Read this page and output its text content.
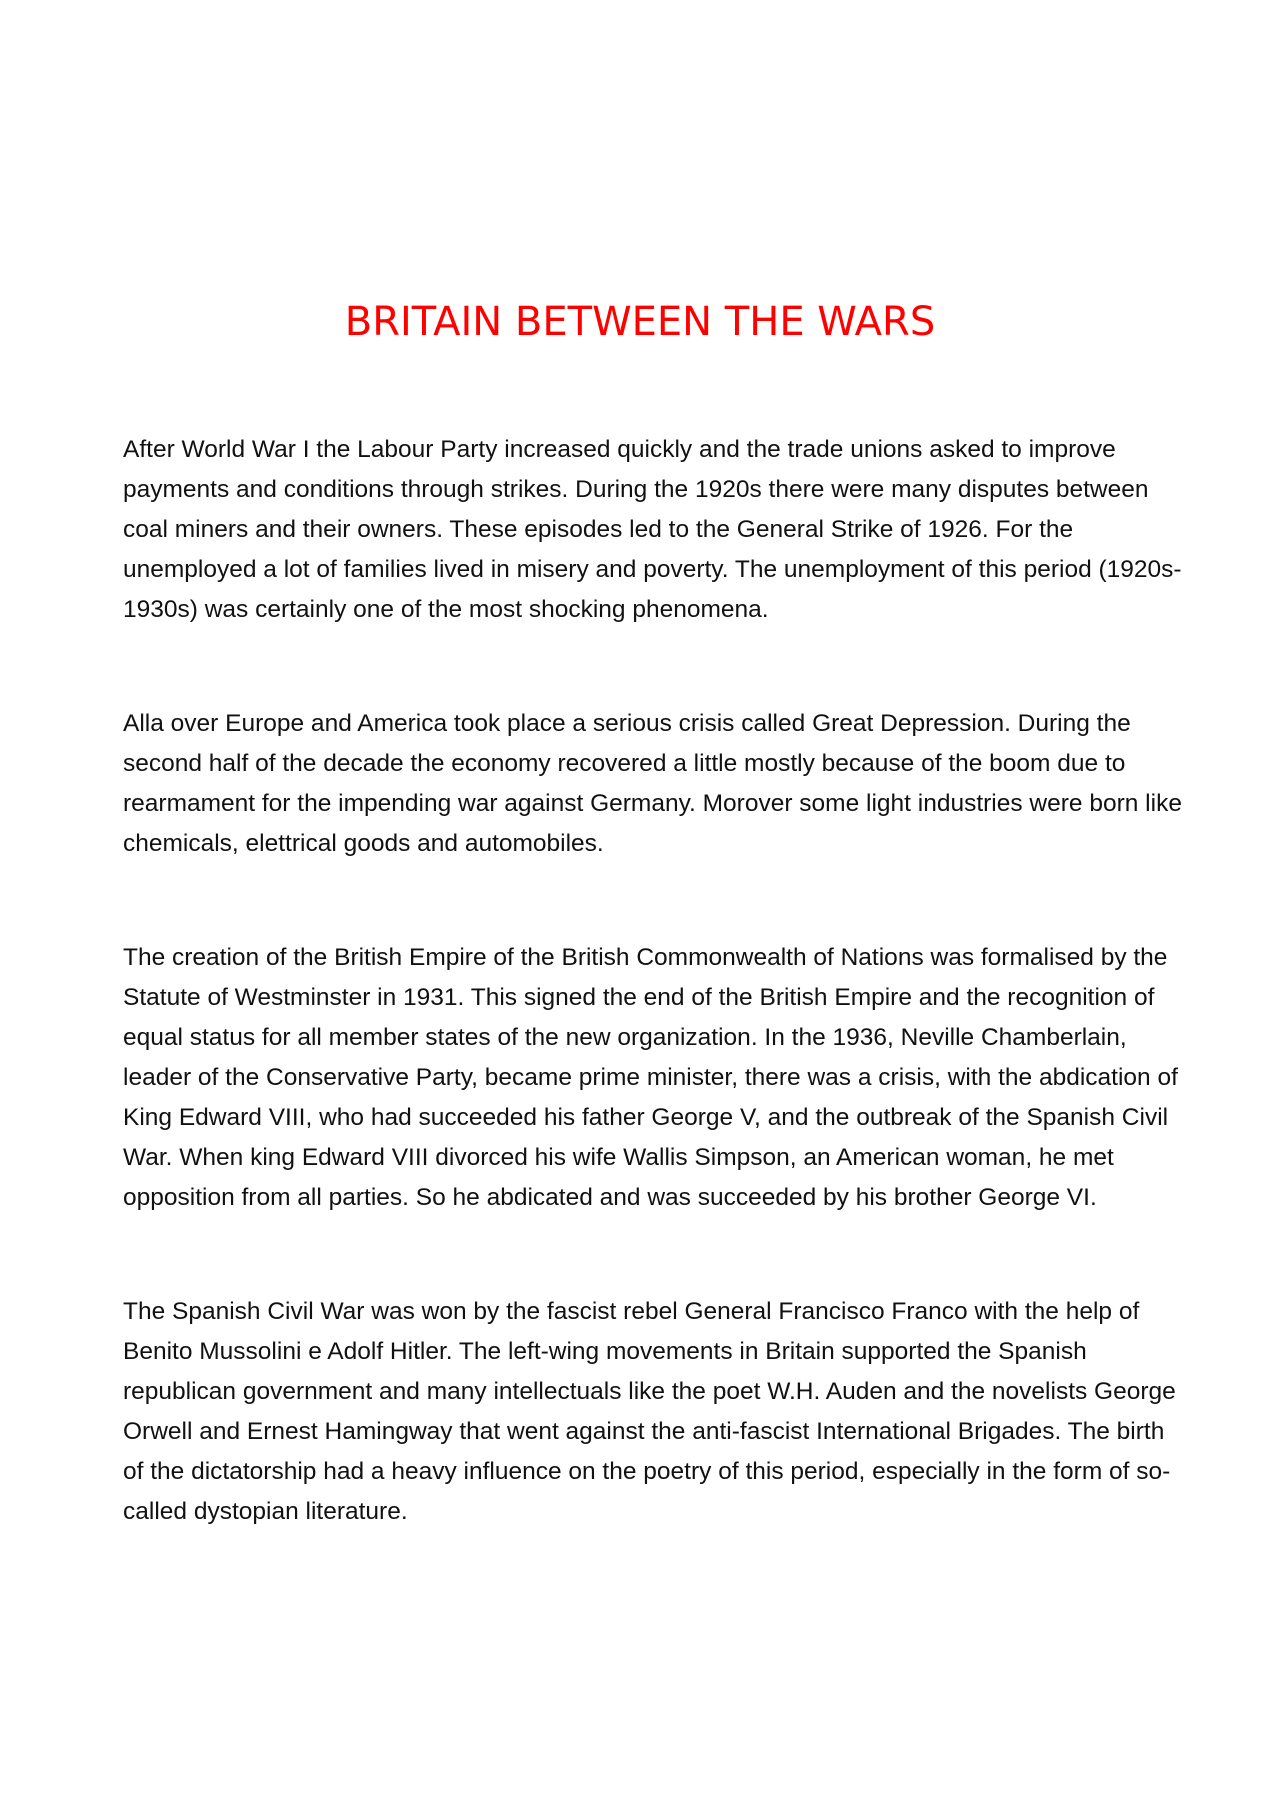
BRITAIN BETWEEN THE WARS

After World War I the Labour Party increased quickly and the trade unions asked to improve payments and conditions through strikes. During the 1920s there were many disputes between coal miners and their owners. These episodes led to the General Strike of 1926. For the unemployed a lot of families lived in misery and poverty. The unemployment of this period (1920s-1930s) was certainly one of the most shocking phenomena.

Alla over Europe and America took place a serious crisis called Great Depression. During the second half of the decade the economy recovered a little mostly because of the boom due to rearmament for the impending war against Germany. Morover some light industries were born like chemicals, elettrical goods and automobiles.

The creation of the British Empire of the British Commonwealth of Nations was formalised by the Statute of Westminster in 1931. This signed the end of the British Empire and the recognition of equal status for all member states of the new organization. In the 1936, Neville Chamberlain, leader of the Conservative Party, became prime minister, there was a crisis, with the abdication of King Edward VIII, who had succeeded his father George V, and the outbreak of the Spanish Civil War. When king Edward VIII divorced his wife Wallis Simpson, an American woman, he met opposition from all parties. So he abdicated and was succeeded by his brother George VI.

The Spanish Civil War was won by the fascist rebel General Francisco Franco with the help of Benito Mussolini e Adolf Hitler. The left-wing movements in Britain supported the Spanish republican government and many intellectuals like the poet W.H. Auden and the novelists George Orwell and Ernest Hamingway that went against the anti-fascist International Brigades. The birth of the dictatorship had a heavy influence on the poetry of this period, especially in the form of so-called dystopian literature.
